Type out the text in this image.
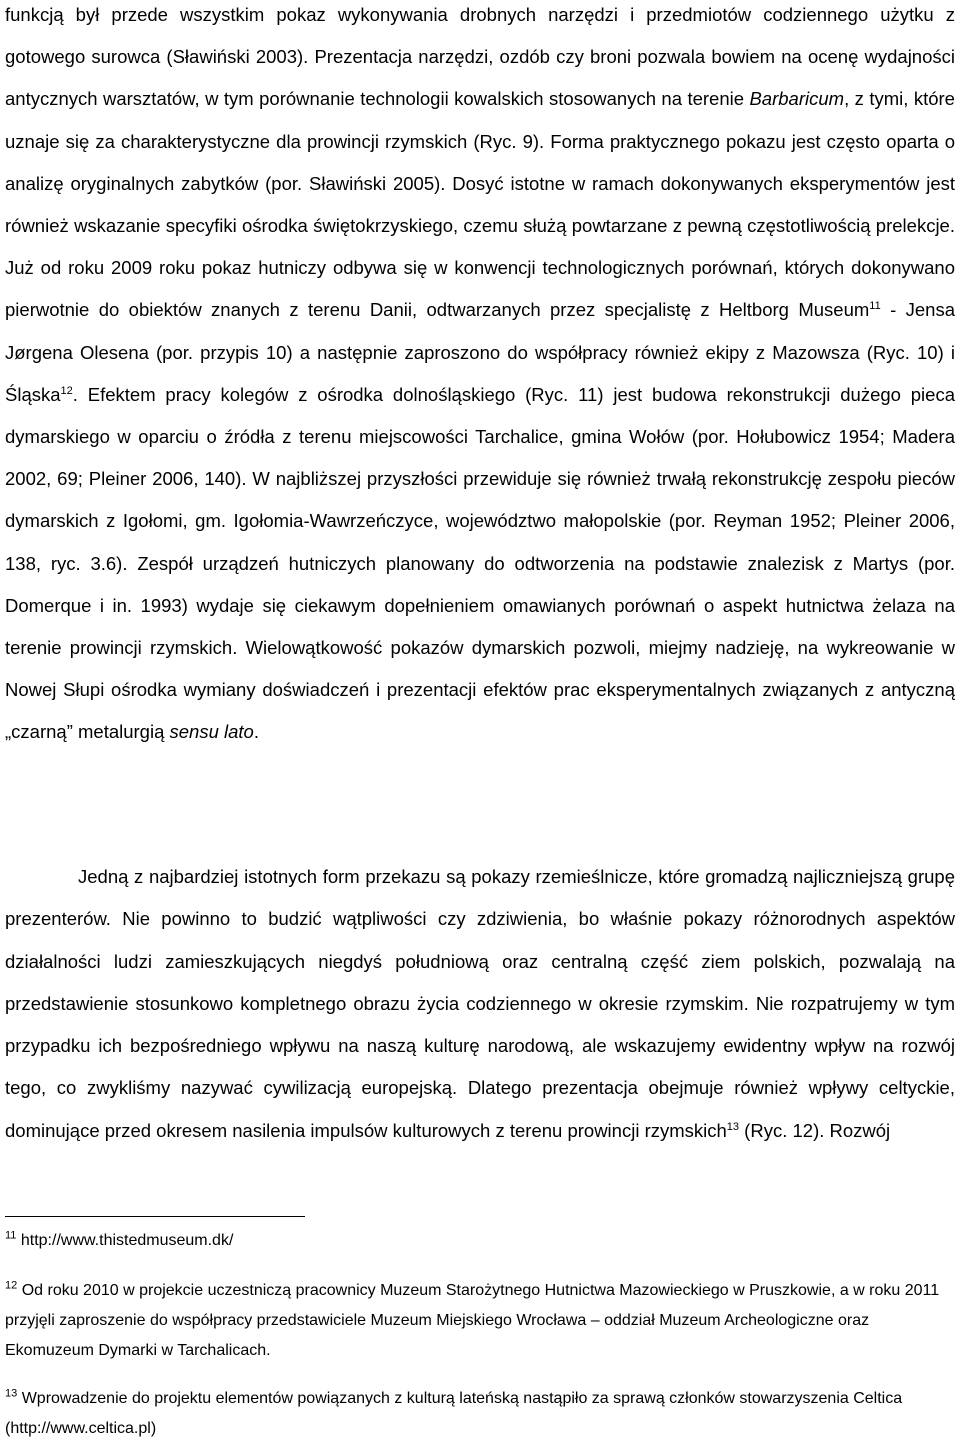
funkcją był przede wszystkim pokaz wykonywania drobnych narzędzi i przedmiotów codziennego użytku z gotowego surowca (Sławiński 2003). Prezentacja narzędzi, ozdób czy broni pozwala bowiem na ocenę wydajności antycznych warsztatów, w tym porównanie technologii kowalskich stosowanych na terenie Barbaricum, z tymi, które uznaje się za charakterystyczne dla prowincji rzymskich (Ryc. 9). Forma praktycznego pokazu jest często oparta o analizę oryginalnych zabytków (por. Sławiński 2005). Dosyć istotne w ramach dokonywanych eksperymentów jest również wskazanie specyfiki ośrodka świętokrzyskiego, czemu służą powtarzane z pewną częstotliwością prelekcje. Już od roku 2009 roku pokaz hutniczy odbywa się w konwencji technologicznych porównań, których dokonywano pierwotnie do obiektów znanych z terenu Danii, odtwarzanych przez specjalistę z Heltborg Museum$^{11}$ - Jensa Jørgena Olesena (por. przypis 10) a następnie zaproszono do współpracy również ekipy z Mazowsza (Ryc. 10) i Śląska$^{12}$. Efektem pracy kolegów z ośrodka dolnośląskiego (Ryc. 11) jest budowa rekonstrukcji dużego pieca dymarskiego w oparciu o źródła z terenu miejscowości Tarchalice, gmina Wołów (por. Hołubowicz 1954; Madera 2002, 69; Pleiner 2006, 140). W najbliższej przyszłości przewiduje się również trwałą rekonstrukcję zespołu pieców dymarskich z Igołomi, gm. Igołomia-Wawrzeńczyce, województwo małopolskie (por. Reyman 1952; Pleiner 2006, 138, ryc. 3.6). Zespół urządzeń hutniczych planowany do odtworzenia na podstawie znalezisk z Martys (por. Domerque i in. 1993) wydaje się ciekawym dopełnieniem omawianych porównań o aspekt hutnictwa żelaza na terenie prowincji rzymskich. Wielowątkowość pokazów dymarskich pozwoli, miejmy nadzieję, na wykreowanie w Nowej Słupi ośrodka wymiany doświadczeń i prezentacji efektów prac eksperymentalnych związanych z antyczną „czarną” metalurgią sensu lato.

Jedną z najbardziej istotnych form przekazu są pokazy rzemieślnicze, które gromadzą najliczniejszą grupę prezenterów. Nie powinno to budzić wątpliwości czy zdziwienia, bo właśnie pokazy różnorodnych aspektów działalności ludzi zamieszkujących niegdyś południową oraz centralną część ziem polskich, pozwalają na przedstawienie stosunkowo kompletnego obrazu życia codziennego w okresie rzymskim. Nie rozpatrujemy w tym przypadku ich bezpośredniego wpływu na naszą kulturę narodową, ale wskazujemy ewidentny wpływ na rozwój tego, co zwykliśmy nazywać cywilizacją europejską. Dlatego prezentacja obejmuje również wpływy celtyckie, dominujące przed okresem nasilenia impulsów kulturowych z terenu prowincji rzymskich$^{13}$ (Ryc. 12). Rozwój

$^{11}$ http://www.thistedmuseum.dk/

$^{12}$ Od roku 2010 w projekcie uczestniczą pracownicy Muzeum Starożytnego Hutnictwa Mazowieckiego w Pruszkowie, a w roku 2011 przyjęli zaproszenie do współpracy przedstawiciele Muzeum Miejskiego Wrocława – oddział Muzeum Archeologiczne oraz Ekomuzeum Dymarki w Tarchalicach.

$^{13}$ Wprowadzenie do projektu elementów powiązanych z kulturą lateńską nastąpiło za sprawą członków stowarzyszenia Celtica (http://www.celtica.pl)
